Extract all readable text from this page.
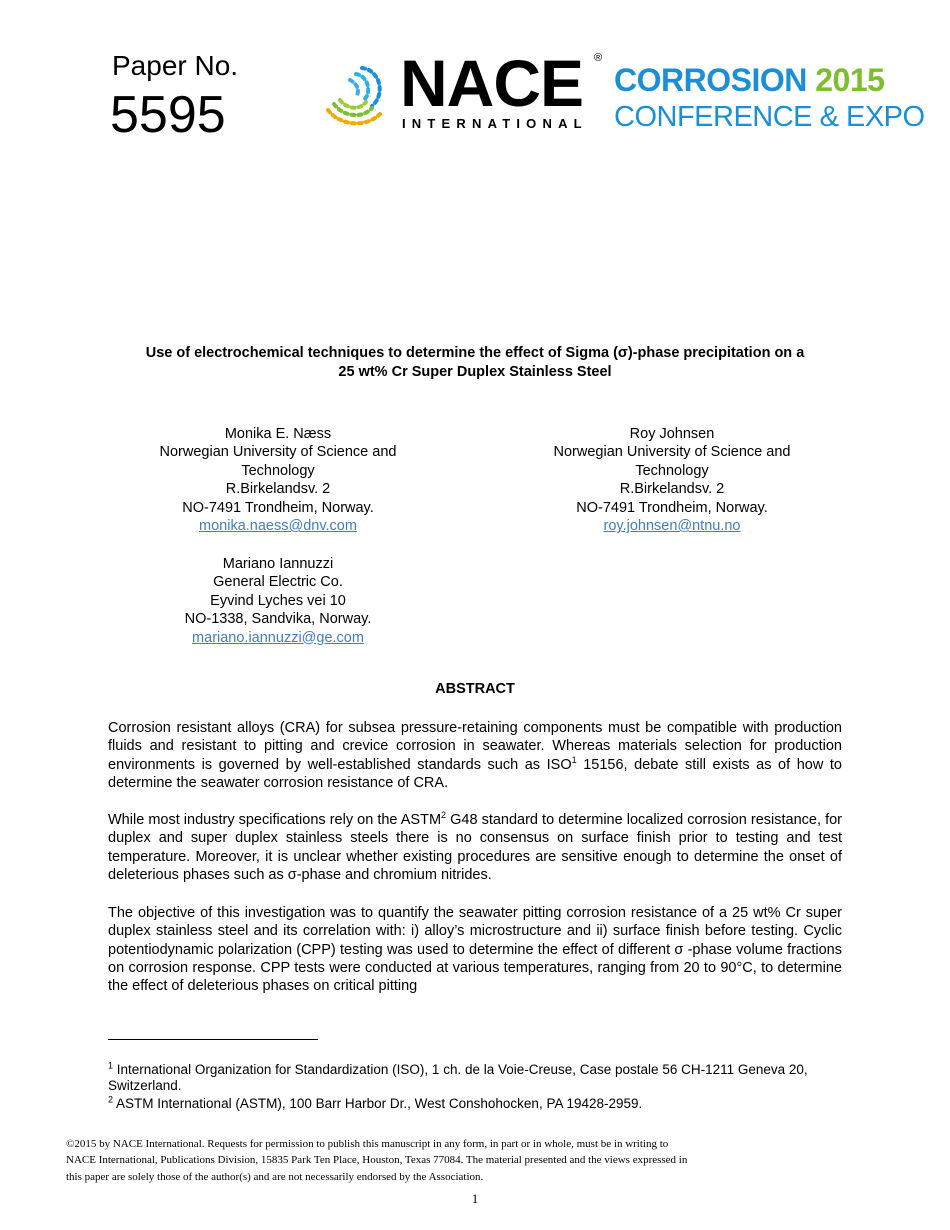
Paper No.
5595	NACE ®
INTERNATIONAL
CORROSION 2015
CONFERENCE & EXPO
Use of electrochemical techniques to determine the effect of Sigma (σ)-phase precipitation on a
25 wt% Cr Super Duplex Stainless Steel
Monika E. Næss
Norwegian University of Science and
Technology
R.Birkelandsv. 2
NO-7491 Trondheim, Norway.
monika.naess@dnv.com
Roy Johnsen
Norwegian University of Science and
Technology
R.Birkelandsv. 2
NO-7491 Trondheim, Norway.
roy.johnsen@ntnu.no
Mariano Iannuzzi
General Electric Co.
Eyvind Lyches vei 10
NO-1338, Sandvika, Norway.
mariano.iannuzzi@ge.com
ABSTRACT
Corrosion resistant alloys (CRA) for subsea pressure-retaining components must be compatible with production fluids and resistant to pitting and crevice corrosion in seawater. Whereas materials selection for production environments is governed by well-established standards such as ISO$^1$ 15156, debate still exists as of how to determine the seawater corrosion resistance of CRA.
While most industry specifications rely on the ASTM$^2$ G48 standard to determine localized corrosion resistance, for duplex and super duplex stainless steels there is no consensus on surface finish prior to testing and test temperature. Moreover, it is unclear whether existing procedures are sensitive enough to determine the onset of deleterious phases such as σ-phase and chromium nitrides.
The objective of this investigation was to quantify the seawater pitting corrosion resistance of a 25 wt% Cr super duplex stainless steel and its correlation with: i) alloy’s microstructure and ii) surface finish before testing. Cyclic potentiodynamic polarization (CPP) testing was used to determine the effect of different σ -phase volume fractions on corrosion response. CPP tests were conducted at various temperatures, ranging from 20 to 90°C, to determine the effect of deleterious phases on critical pitting
$^1$ International Organization for Standardization (ISO), 1 ch. de la Voie-Creuse, Case postale 56 CH-1211 Geneva 20, Switzerland.
$^2$ ASTM International (ASTM), 100 Barr Harbor Dr., West Conshohocken, PA 19428-2959.
©2015 by NACE International. Requests for permission to publish this manuscript in any form, in part or in whole, must be in writing to
NACE International, Publications Division, 15835 Park Ten Place, Houston, Texas 77084. The material presented and the views expressed in
this paper are solely those of the author(s) and are not necessarily endorsed by the Association.
1
